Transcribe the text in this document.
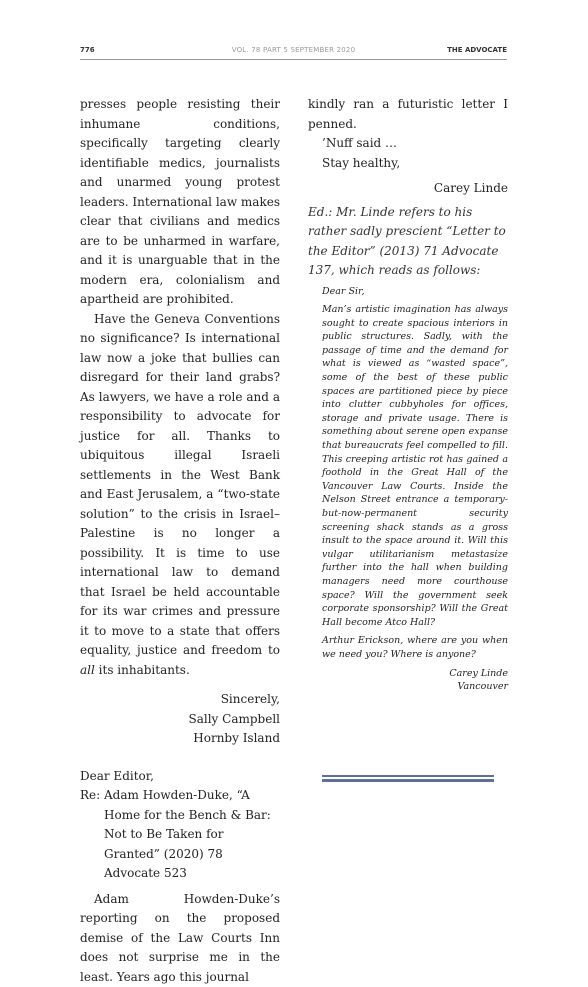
776	VOL. 78 PART 5 SEPTEMBER 2020	THE ADVOCATE

presses people resisting their inhumane conditions, specifically targeting clearly identifiable medics, journalists and unarmed young protest leaders. International law makes clear that civilians and medics are to be unharmed in warfare, and it is unarguable that in the modern era, colonialism and apartheid are prohibited.

Have the Geneva Conventions no significance? Is international law now a joke that bullies can disregard for their land grabs? As lawyers, we have a role and a responsibility to advocate for justice for all. Thanks to ubiquitous illegal Israeli settlements in the West Bank and East Jerusalem, a “two-state solution” to the crisis in Israel–Palestine is no longer a possibility. It is time to use international law to demand that Israel be held accountable for its war crimes and pressure it to move to a state that offers equality, justice and freedom to all its inhabitants.

Sincerely,
Sally Campbell
Hornby Island

Dear Editor,

Re: Adam Howden-Duke, “A Home for the Bench & Bar: Not to Be Taken for Granted” (2020) 78 Advocate 523

Adam Howden-Duke’s reporting on the proposed demise of the Law Courts Inn does not surprise me in the least. Years ago this journal

kindly ran a futuristic letter I penned.

’Nuff said …

Stay healthy,

Carey Linde

Ed.: Mr. Linde refers to his rather sadly prescient “Letter to the Editor” (2013) 71 Advocate 137, which reads as follows:

Dear Sir,

Man’s artistic imagination has always sought to create spacious interiors in public structures. Sadly, with the passage of time and the demand for what is viewed as “wasted space”, some of the best of these public spaces are partitioned piece by piece into clutter cubbyholes for offices, storage and private usage. There is something about serene open expanse that bureaucrats feel compelled to fill. This creeping artistic rot has gained a foothold in the Great Hall of the Vancouver Law Courts. Inside the Nelson Street entrance a temporary-but-now-permanent security screening shack stands as a gross insult to the space around it. Will this vulgar utilitarianism metastasize further into the hall when building managers need more courthouse space? Will the government seek corporate sponsorship? Will the Great Hall become Atco Hall?

Arthur Erickson, where are you when we need you? Where is anyone?

Carey Linde

Vancouver
